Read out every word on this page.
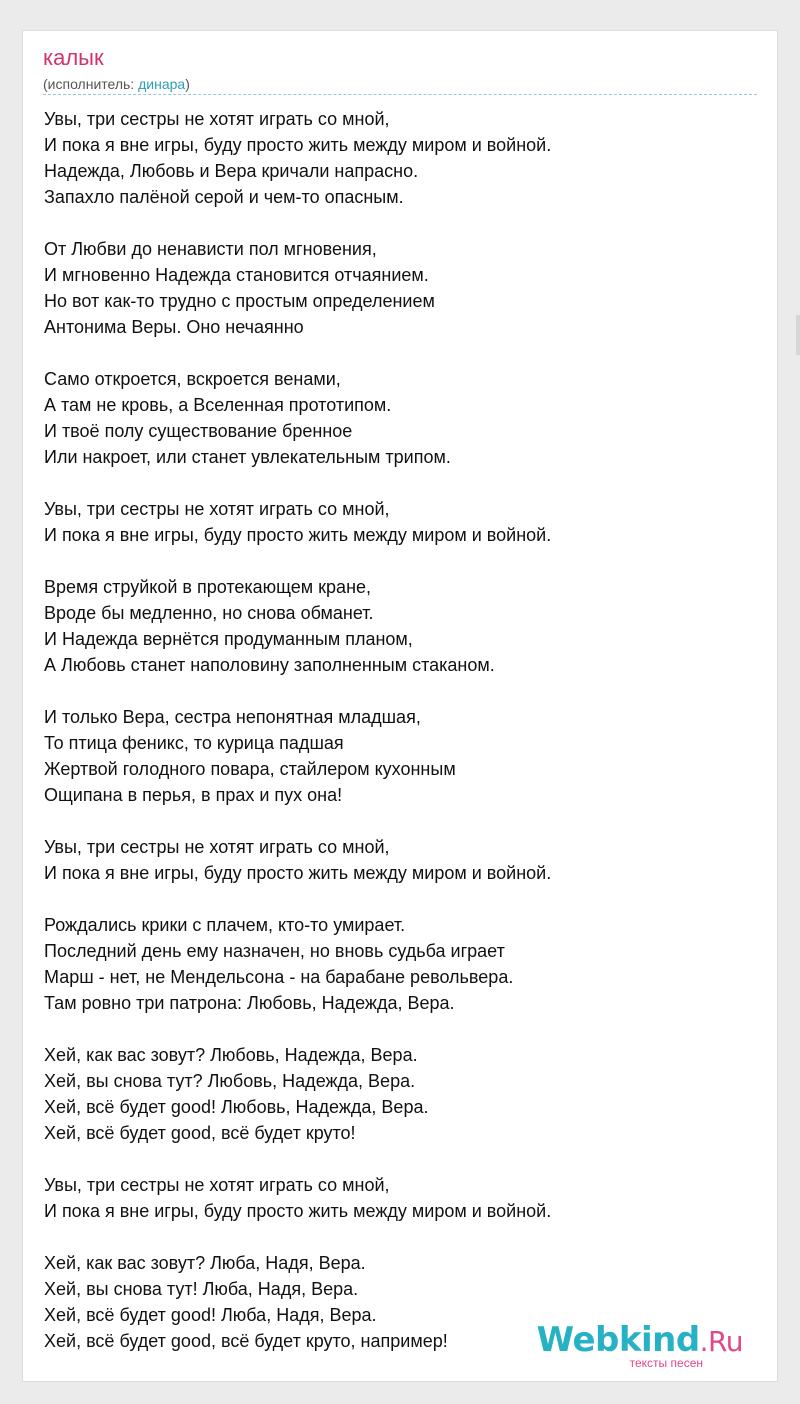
калык
(исполнитель: динара)
Увы, три сестры не хотят играть со мной,
И пока я вне игры, буду просто жить между миром и войной.
Надежда, Любовь и Вера кричали напрасно.
Запахло палёной серой и чем-то опасным.
От Любви до ненависти пол мгновения,
И мгновенно Надежда становится отчаянием.
Но вот как-то трудно с простым определением
Антонима Веры. Оно нечаянно
Само откроется, вскроется венами,
А там не кровь, а Вселенная прототипом.
И твоё полу существование бренное
Или накроет, или станет увлекательным трипом.
Увы, три сестры не хотят играть со мной,
И пока я вне игры, буду просто жить между миром и войной.
Время струйкой в протекающем кране,
Вроде бы медленно, но снова обманет.
И Надежда вернётся продуманным планом,
А Любовь станет наполовину заполненным стаканом.
И только Вера, сестра непонятная младшая,
То птица феникс, то курица падшая
Жертвой голодного повара, стайлером кухонным
Ощипана в перья, в прах и пух она!
Увы, три сестры не хотят играть со мной,
И пока я вне игры, буду просто жить между миром и войной.
Рождались крики с плачем, кто-то умирает.
Последний день ему назначен, но вновь судьба играет
Марш - нет, не Мендельсона - на барабане револьвера.
Там ровно три патрона: Любовь, Надежда, Вера.
Хей, как вас зовут? Любовь, Надежда, Вера.
Хей, вы снова тут? Любовь, Надежда, Вера.
Хей, всё будет good! Любовь, Надежда, Вера.
Хей, всё будет good, всё будет круто!
Увы, три сестры не хотят играть со мной,
И пока я вне игры, буду просто жить между миром и войной.
Хей, как вас зовут? Люба, Надя, Вера.
Хей, вы снова тут! Люба, Надя, Вера.
Хей, всё будет good! Люба, Надя, Вера.
Хей, всё будет good, всё будет круто, например!	Webkind.Ru
тексты песен
